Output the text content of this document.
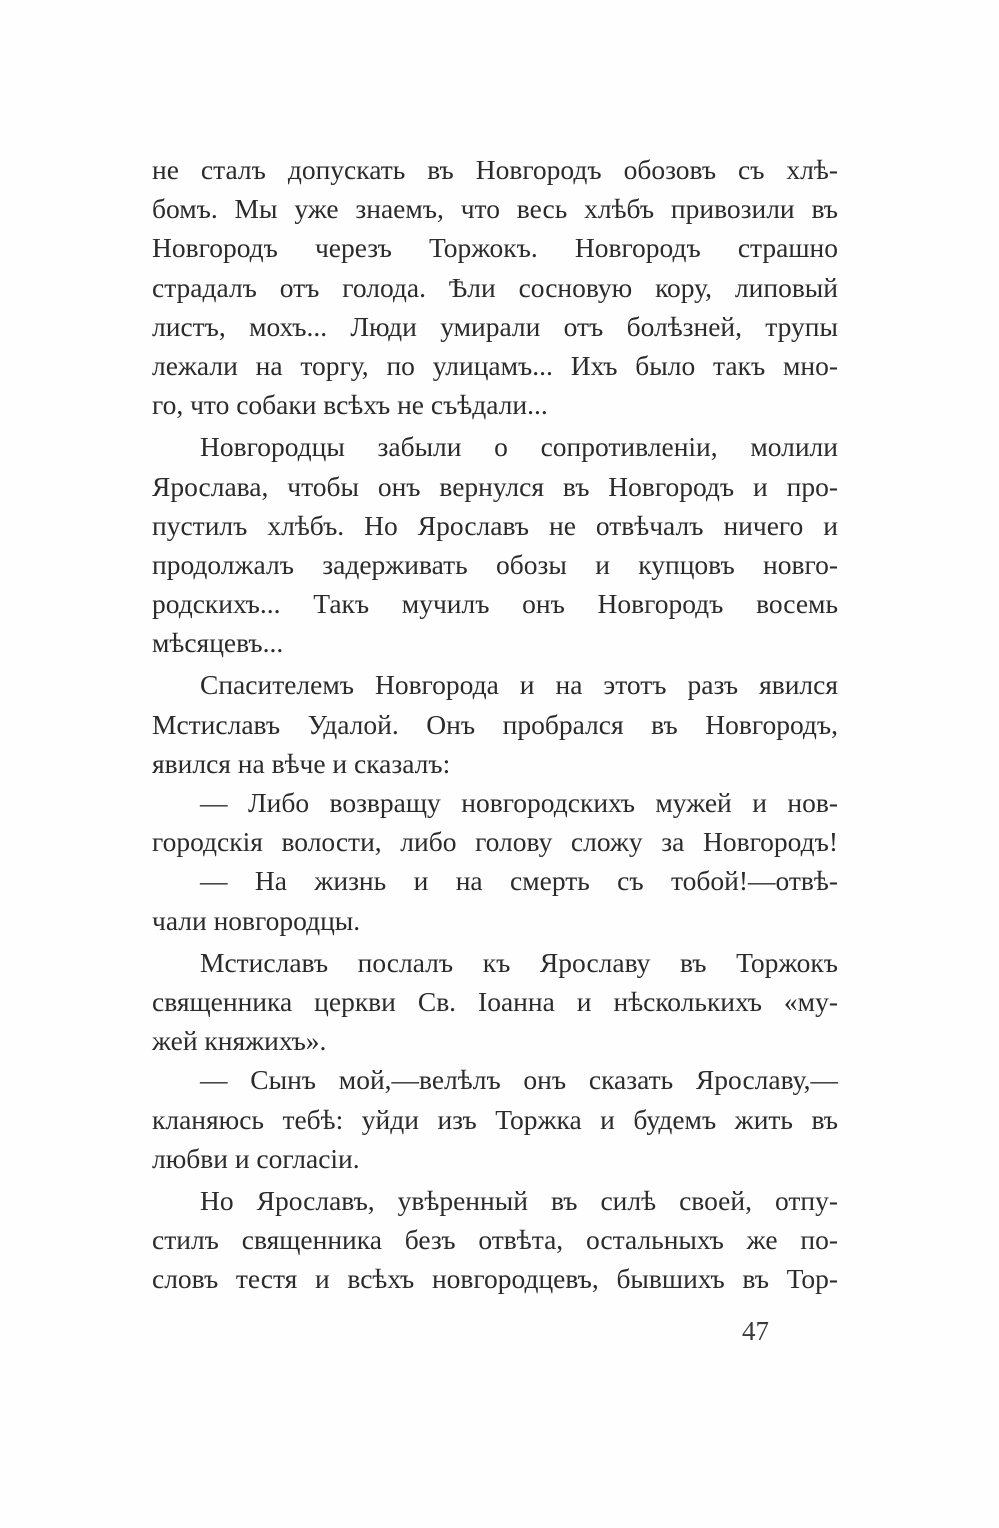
не сталъ допускать въ Новгородъ обозовъ съ хлѣ-
бомъ. Мы уже знаемъ, что весь хлѣбъ привозили въ
Новгородъ черезъ Торжокъ. Новгородъ страшно
страдалъ отъ голода. Ѣли сосновую кору, липовый
листъ, мохъ... Люди умирали отъ болѣзней, трупы
лежали на торгу, по улицамъ... Ихъ было такъ мно-
го, что собаки всѣхъ не съѣдали...
Новгородцы забыли о сопротивленіи, молили
Ярослава, чтобы онъ вернулся въ Новгородъ и про-
пустилъ хлѣбъ. Но Ярославъ не отвѣчалъ ничего и
продолжалъ задерживать обозы и купцовъ новго-
родскихъ... Такъ мучилъ онъ Новгородъ восемь
мѣсяцевъ...
Спасителемъ Новгорода и на этотъ разъ явился
Мстиславъ Удалой. Онъ пробрался въ Новгородъ,
явился на вѣче и сказалъ:
— Либо возвращу новгородскихъ мужей и нов-
городскія волости, либо голову сложу за Новгородъ!
— На жизнь и на смерть съ тобой!—отвѣ-
чали новгородцы.
Мстиславъ послалъ къ Ярославу въ Торжокъ
священника церкви Св. Іоанна и нѣсколькихъ «му-
жей княжихъ».
— Сынъ мой,—велѣлъ онъ сказать Ярославу,—
кланяюсь тебѣ: уйди изъ Торжка и будемъ жить въ
любви и согласіи.
Но Ярославъ, увѣренный въ силѣ своей, отпу-
стилъ священника безъ отвѣта, остальныхъ же по-
словъ тестя и всѣхъ новгородцевъ, бывшихъ въ Тор-
47
